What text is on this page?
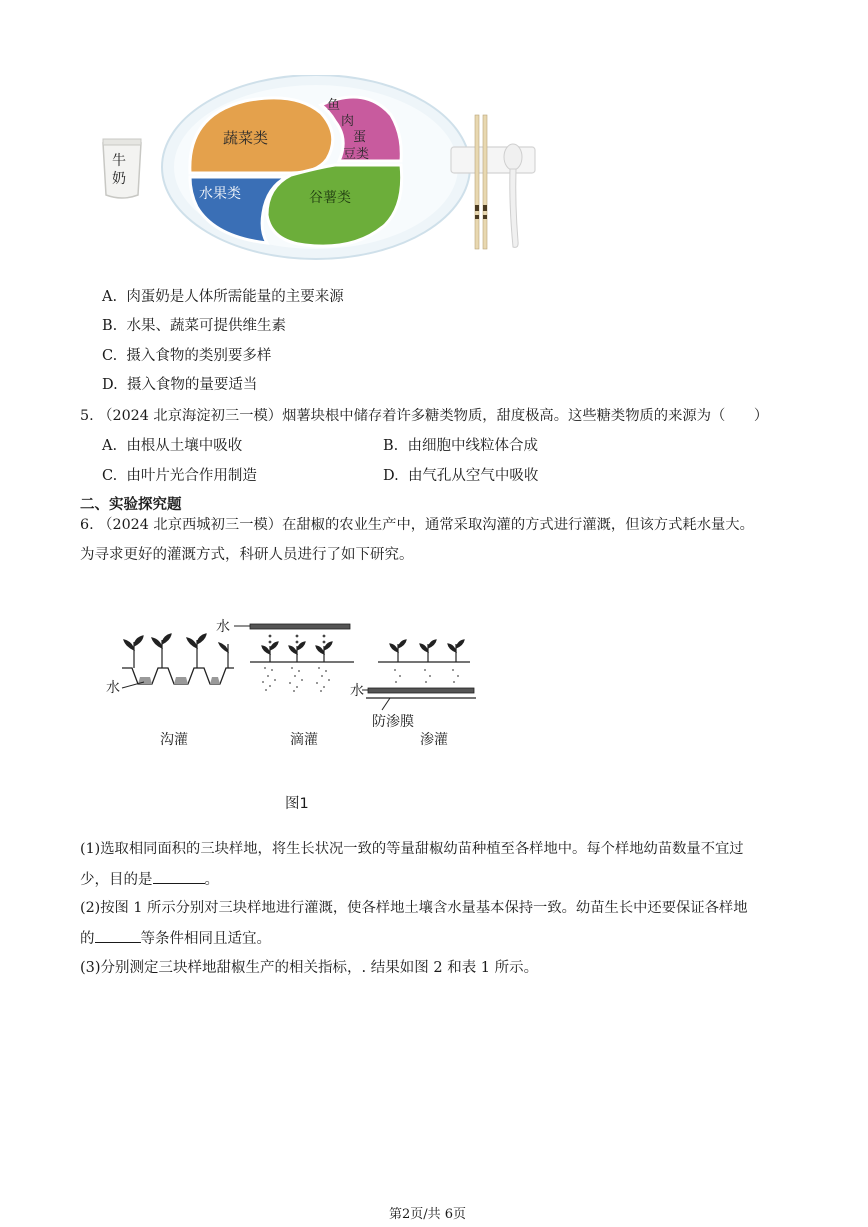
牛
奶
蔬菜类
鱼
肉
蛋
豆类
水果类	谷薯类
A. 肉蛋奶是人体所需能量的主要来源
B. 水果、蔬菜可提供维生素
C. 摄入食物的类别要多样
D. 摄入食物的量要适当
5. （2024 北京海淀初三一模）烟薯块根中储存着许多糖类物质，甜度极高。这些糖类物质的来源为（　　）
A. 由根从土壤中吸收	B. 由细胞中线粒体合成
C. 由叶片光合作用制造	D. 由气孔从空气中吸收
二、实验探究题
6. （2024 北京西城初三一模）在甜椒的农业生产中，通常采取沟灌的方式进行灌溉，但该方式耗水量大。
为寻求更好的灌溉方式，科研人员进行了如下研究。
水
水
水
防渗膜
沟灌	滴灌	渗灌
图1
(1)选取相同面积的三块样地，将生长状况一致的等量甜椒幼苗种植至各样地中。每个样地幼苗数量不宜过
少，目的是	。
(2)按图 1 所示分别对三块样地进行灌溉，使各样地土壤含水量基本保持一致。幼苗生长中还要保证各样地
的	等条件相同且适宜。
(3)分别测定三块样地甜椒生产的相关指标，. 结果如图 2 和表 1 所示。
第2页/共 6页
